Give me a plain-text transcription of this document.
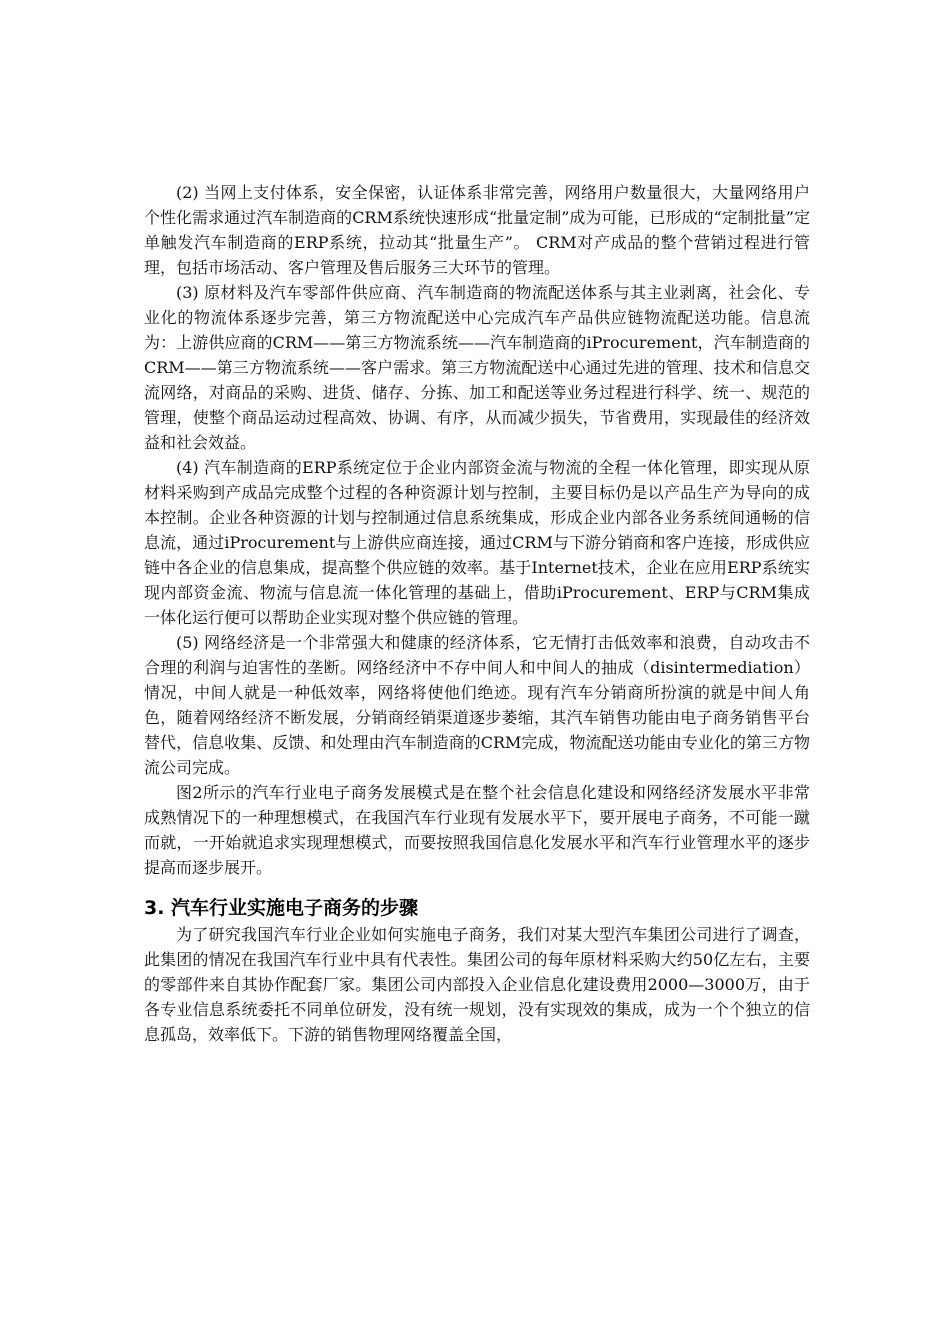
(2) 当网上支付体系，安全保密，认证体系非常完善，网络用户数量很大，大量网络用户个性化需求通过汽车制造商的CRM系统快速形成“批量定制”成为可能，已形成的“定制批量”定单触发汽车制造商的ERP系统，拉动其“批量生产”。 CRM对产成品的整个营销过程进行管理，包括市场活动、客户管理及售后服务三大环节的管理。

(3) 原材料及汽车零部件供应商、汽车制造商的物流配送体系与其主业剥离，社会化、专业化的物流体系逐步完善，第三方物流配送中心完成汽车产品供应链物流配送功能。信息流为：上游供应商的CRM——第三方物流系统——汽车制造商的iProcurement，汽车制造商的CRM——第三方物流系统——客户需求。第三方物流配送中心通过先进的管理、技术和信息交流网络，对商品的采购、进货、储存、分拣、加工和配送等业务过程进行科学、统一、规范的管理，使整个商品运动过程高效、协调、有序，从而减少损失，节省费用，实现最佳的经济效益和社会效益。

(4) 汽车制造商的ERP系统定位于企业内部资金流与物流的全程一体化管理，即实现从原材料采购到产成品完成整个过程的各种资源计划与控制，主要目标仍是以产品生产为导向的成本控制。企业各种资源的计划与控制通过信息系统集成，形成企业内部各业务系统间通畅的信息流，通过iProcurement与上游供应商连接，通过CRM与下游分销商和客户连接，形成供应链中各企业的信息集成，提高整个供应链的效率。基于Internet技术，企业在应用ERP系统实现内部资金流、物流与信息流一体化管理的基础上，借助iProcurement、ERP与CRM集成一体化运行便可以帮助企业实现对整个供应链的管理。

(5) 网络经济是一个非常强大和健康的经济体系，它无情打击低效率和浪费，自动攻击不合理的利润与迫害性的垄断。网络经济中不存中间人和中间人的抽成（disintermediation）情况，中间人就是一种低效率，网络将使他们绝迹。现有汽车分销商所扮演的就是中间人角色，随着网络经济不断发展，分销商经销渠道逐步萎缩，其汽车销售功能由电子商务销售平台替代，信息收集、反馈、和处理由汽车制造商的CRM完成，物流配送功能由专业化的第三方物流公司完成。

图2所示的汽车行业电子商务发展模式是在整个社会信息化建设和网络经济发展水平非常成熟情况下的一种理想模式，在我国汽车行业现有发展水平下，要开展电子商务，不可能一蹴而就，一开始就追求实现理想模式，而要按照我国信息化发展水平和汽车行业管理水平的逐步提高而逐步展开。

3. 汽车行业实施电子商务的步骤

为了研究我国汽车行业企业如何实施电子商务，我们对某大型汽车集团公司进行了调查，此集团的情况在我国汽车行业中具有代表性。集团公司的每年原材料采购大约50亿左右，主要的零部件来自其协作配套厂家。集团公司内部投入企业信息化建设费用2000—3000万，由于各专业信息系统委托不同单位研发，没有统一规划，没有实现效的集成，成为一个个独立的信息孤岛，效率低下。下游的销售物理网络覆盖全国，
